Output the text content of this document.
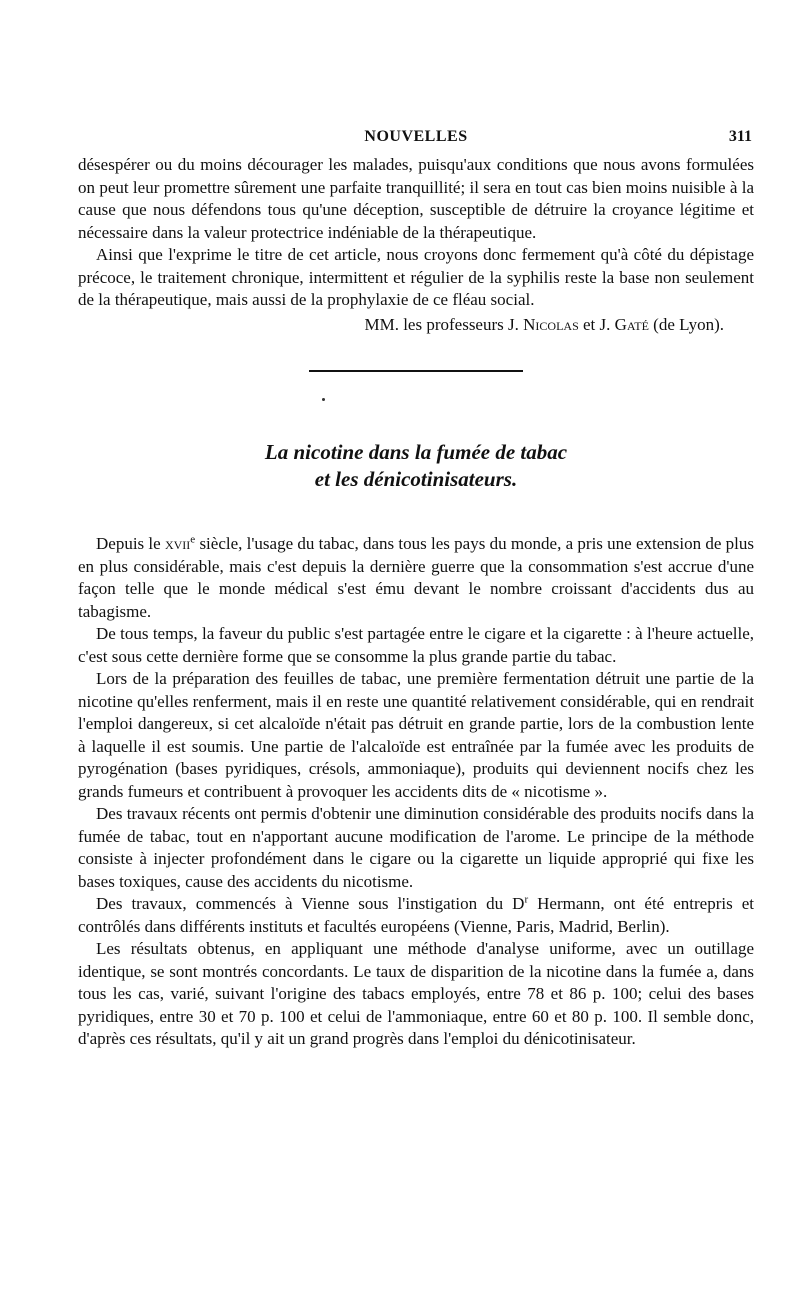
NOUVELLES	311

désespérer ou du moins décourager les malades, puisqu'aux conditions que nous avons formulées on peut leur promettre sûrement une parfaite tranquillité; il sera en tout cas bien moins nuisible à la cause que nous défendons tous qu'une déception, susceptible de détruire la croyance légitime et nécessaire dans la valeur protectrice indéniable de la thérapeutique.

Ainsi que l'exprime le titre de cet article, nous croyons donc fermement qu'à côté du dépistage précoce, le traitement chronique, intermittent et régulier de la syphilis reste la base non seulement de la thérapeutique, mais aussi de la prophylaxie de ce fléau social.

MM. les professeurs J. Nicolas et J. Gaté (de Lyon).
La nicotine dans la fumée de tabac
et les dénicotinisateurs.

Depuis le xvii$^e$ siècle, l'usage du tabac, dans tous les pays du monde, a pris une extension de plus en plus considérable, mais c'est depuis la dernière guerre que la consommation s'est accrue d'une façon telle que le monde médical s'est ému devant le nombre croissant d'accidents dus au tabagisme.

De tous temps, la faveur du public s'est partagée entre le cigare et la cigarette : à l'heure actuelle, c'est sous cette dernière forme que se consomme la plus grande partie du tabac.

Lors de la préparation des feuilles de tabac, une première fermentation détruit une partie de la nicotine qu'elles renferment, mais il en reste une quantité relativement considérable, qui en rendrait l'emploi dangereux, si cet alcaloïde n'était pas détruit en grande partie, lors de la combustion lente à laquelle il est soumis. Une partie de l'alcaloïde est entraînée par la fumée avec les produits de pyrogénation (bases pyridiques, crésols, ammoniaque), produits qui deviennent nocifs chez les grands fumeurs et contribuent à provoquer les accidents dits de « nicotisme ».

Des travaux récents ont permis d'obtenir une diminution considérable des produits nocifs dans la fumée de tabac, tout en n'apportant aucune modification de l'arome. Le principe de la méthode consiste à injecter profondément dans le cigare ou la cigarette un liquide approprié qui fixe les bases toxiques, cause des accidents du nicotisme.

Des travaux, commencés à Vienne sous l'instigation du $D^r$ Hermann, ont été entrepris et contrôlés dans différents instituts et facultés européens (Vienne, Paris, Madrid, Berlin).

Les résultats obtenus, en appliquant une méthode d'analyse uniforme, avec un outillage identique, se sont montrés concordants. Le taux de disparition de la nicotine dans la fumée a, dans tous les cas, varié, suivant l'origine des tabacs employés, entre 78 et 86 p. 100; celui des bases pyridiques, entre 30 et 70 p. 100 et celui de l'ammoniaque, entre 60 et 80 p. 100. Il semble donc, d'après ces résultats, qu'il y ait un grand progrès dans l'emploi du dénicotinisateur.
